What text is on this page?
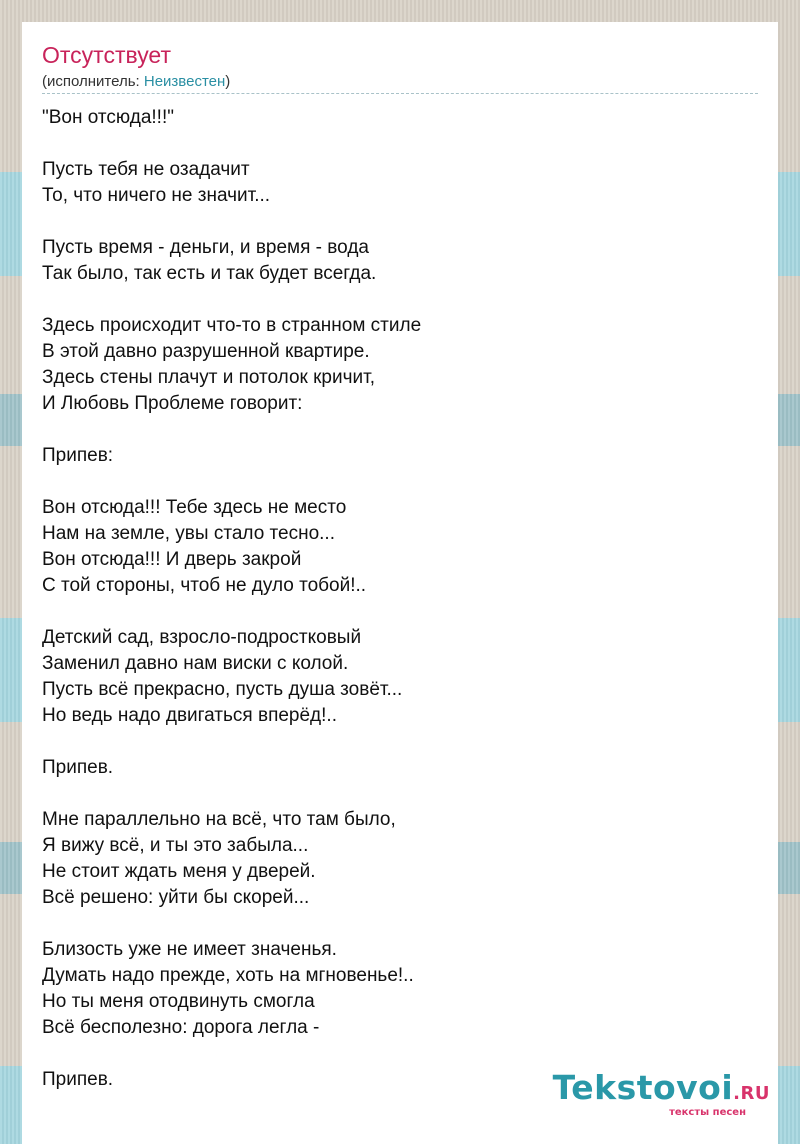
Отсутствует
(исполнитель: Неизвестен)
"Вон отсюда!!!"
Пусть тебя не озадачит
То, что ничего не значит...
Пусть время - деньги, и время - вода
Так было, так есть и так будет всегда.
Здесь происходит что-то в странном стиле
В этой давно разрушенной квартире.
Здесь стены плачут и потолок кричит,
И Любовь Проблеме говорит:
Припев:
Вон отсюда!!! Тебе здесь не место
Нам на земле, увы стало тесно...
Вон отсюда!!! И дверь закрой
С той стороны, чтоб не дуло тобой!..
Детский сад, взросло-подростковый
Заменил давно нам виски с колой.
Пусть всё прекрасно, пусть душа зовёт...
Но ведь надо двигаться вперёд!..
Припев.
Мне параллельно на всё, что там было,
Я вижу всё, и ты это забыла...
Не стоит ждать меня у дверей.
Всё решено: уйти бы скорей...
Близость уже не имеет значенья.
Думать надо прежде, хоть на мгновенье!..
Но ты меня отодвинуть смогла
Всё бесполезно: дорога легла -
Припев.	Tekstovoi.RU
тексты песен
